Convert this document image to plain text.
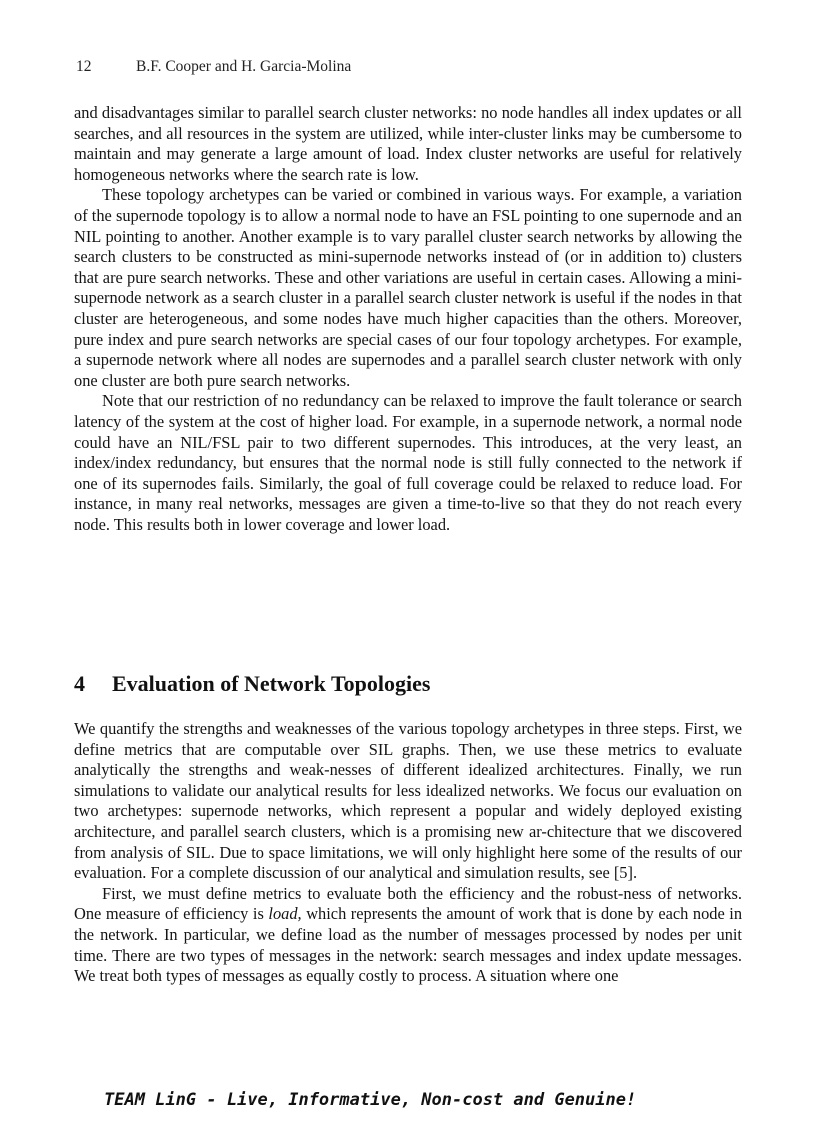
12	B.F. Cooper and H. Garcia-Molina

and disadvantages similar to parallel search cluster networks: no node handles all index updates or all searches, and all resources in the system are utilized, while inter-cluster links may be cumbersome to maintain and may generate a large amount of load. Index cluster networks are useful for relatively homogeneous networks where the search rate is low.

These topology archetypes can be varied or combined in various ways. For example, a variation of the supernode topology is to allow a normal node to have an FSL pointing to one supernode and an NIL pointing to another. Another example is to vary parallel cluster search networks by allowing the search clusters to be constructed as mini-supernode networks instead of (or in addition to) clusters that are pure search networks. These and other variations are useful in certain cases. Allowing a mini-supernode network as a search cluster in a parallel search cluster network is useful if the nodes in that cluster are heterogeneous, and some nodes have much higher capacities than the others. Moreover, pure index and pure search networks are special cases of our four topology archetypes. For example, a supernode network where all nodes are supernodes and a parallel search cluster network with only one cluster are both pure search networks.

Note that our restriction of no redundancy can be relaxed to improve the fault tolerance or search latency of the system at the cost of higher load. For example, in a supernode network, a normal node could have an NIL/FSL pair to two different supernodes. This introduces, at the very least, an index/index redundancy, but ensures that the normal node is still fully connected to the network if one of its supernodes fails. Similarly, the goal of full coverage could be relaxed to reduce load. For instance, in many real networks, messages are given a time-to-live so that they do not reach every node. This results both in lower coverage and lower load.

4 Evaluation of Network Topologies

We quantify the strengths and weaknesses of the various topology archetypes in three steps. First, we define metrics that are computable over SIL graphs. Then, we use these metrics to evaluate analytically the strengths and weak-nesses of different idealized architectures. Finally, we run simulations to validate our analytical results for less idealized networks. We focus our evaluation on two archetypes: supernode networks, which represent a popular and widely deployed existing architecture, and parallel search clusters, which is a promising new ar-chitecture that we discovered from analysis of SIL. Due to space limitations, we will only highlight here some of the results of our evaluation. For a complete discussion of our analytical and simulation results, see [5].

First, we must define metrics to evaluate both the efficiency and the robust-ness of networks. One measure of efficiency is load, which represents the amount of work that is done by each node in the network. In particular, we define load as the number of messages processed by nodes per unit time. There are two types of messages in the network: search messages and index update messages. We treat both types of messages as equally costly to process. A situation where one

TEAM LinG - Live, Informative, Non-cost and Genuine!
